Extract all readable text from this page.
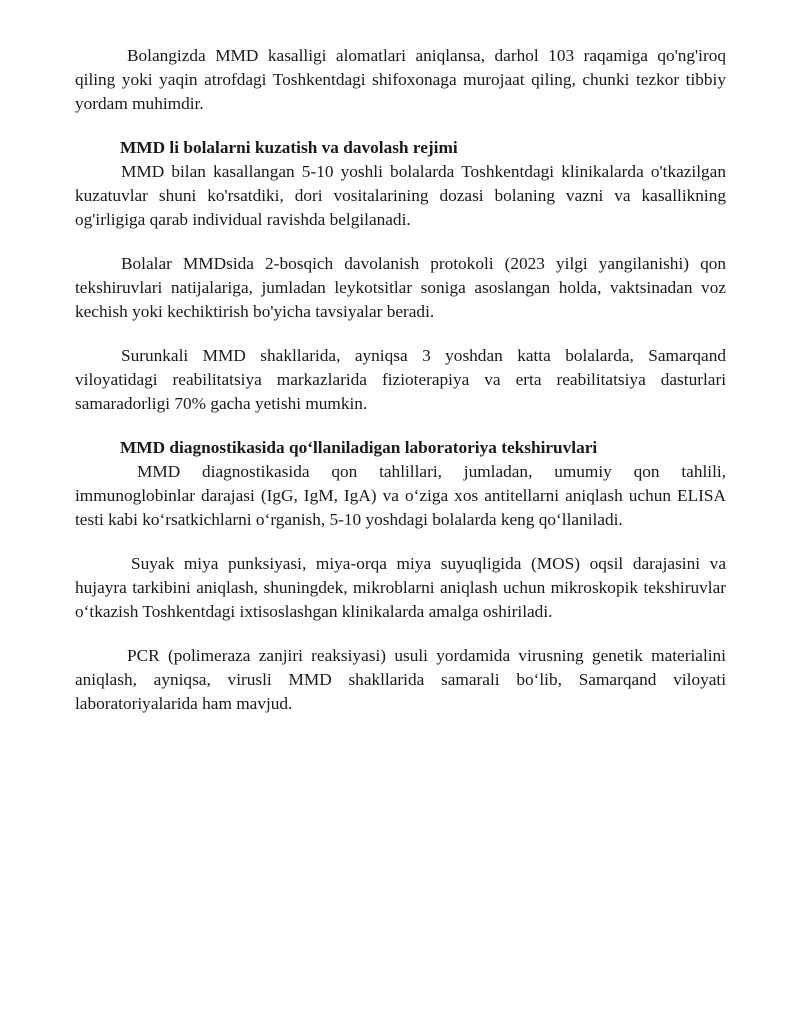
Bolangizda MMD kasalligi alomatlari aniqlansa, darhol 103 raqamiga qo'ng'iroq qiling yoki yaqin atrofdagi Toshkentdagi shifoxonaga murojaat qiling, chunki tezkor tibbiy yordam muhimdir.

MMD li bolalarni kuzatish va davolash rejimi

MMD bilan kasallangan 5-10 yoshli bolalarda Toshkentdagi klinikalarda o'tkazilgan kuzatuvlar shuni ko'rsatdiki, dori vositalarining dozasi bolaning vazni va kasallikning og'irligiga qarab individual ravishda belgilanadi.

Bolalar MMDsida 2-bosqich davolanish protokoli (2023 yilgi yangilanishi) qon tekshiruvlari natijalariga, jumladan leykotsitlar soniga asoslangan holda, vaktsinadan voz kechish yoki kechiktirish bo'yicha tavsiyalar beradi.

Surunkali MMD shakllarida, ayniqsa 3 yoshdan katta bolalarda, Samarqand viloyatidagi reabilitatsiya markazlarida fizioterapiya va erta reabilitatsiya dasturlari samaradorligi 70% gacha yetishi mumkin.

MMD diagnostikasida qo‘llaniladigan laboratoriya tekshiruvlari

MMD diagnostikasida qon tahlillari, jumladan, umumiy qon tahlili, immunoglobinlar darajasi (IgG, IgM, IgA) va o‘ziga xos antitellarni aniqlash uchun ELISA testi kabi ko‘rsatkichlarni o‘rganish, 5-10 yoshdagi bolalarda keng qo‘llaniladi.

Suyak miya punksiyasi, miya-orqa miya suyuqligida (MOS) oqsil darajasini va hujayra tarkibini aniqlash, shuningdek, mikroblarni aniqlash uchun mikroskopik tekshiruvlar o‘tkazish Toshkentdagi ixtisoslashgan klinikalarda amalga oshiriladi.

PCR (polimeraza zanjiri reaksiyasi) usuli yordamida virusning genetik materialini aniqlash, ayniqsa, virusli MMD shakllarida samarali bo‘lib, Samarqand viloyati laboratoriyalarida ham mavjud.
